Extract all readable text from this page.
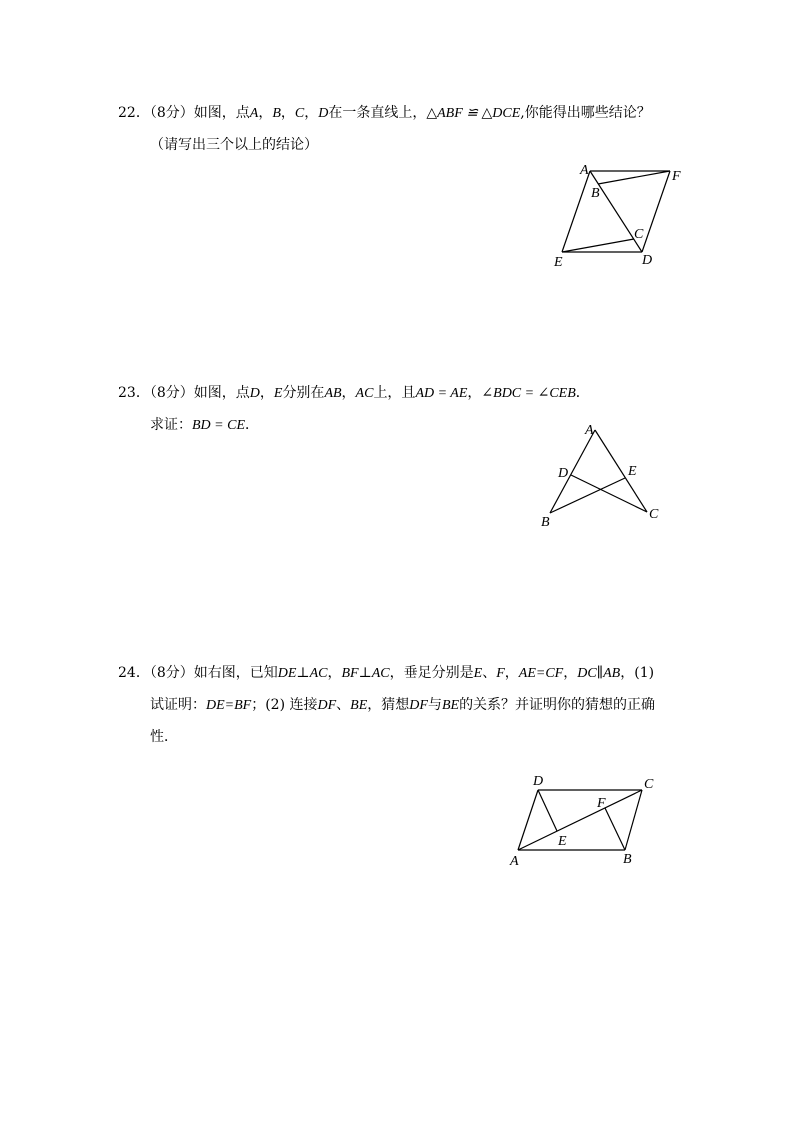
22．（8分）如图，点A，B，C，D在一条直线上，△ABF ≌ △DCE,你能得出哪些结论？
（请写出三个以上的结论）
A
B
C
D
E
F
23．（8分）如图，点D，E分别在AB，AC上，且AD = AE，∠BDC = ∠CEB．
求证：BD = CE．	A
B
C
D	E
24．（8分）如右图，已知DE⊥AC，BF⊥AC，垂足分别是E、F，AE=CF，DC∥AB，(1)
试证明：DE=BF；(2) 连接DF、BE，猜想DF与BE的关系？并证明你的猜想的正确
性．
A	B
C
D
E
F
